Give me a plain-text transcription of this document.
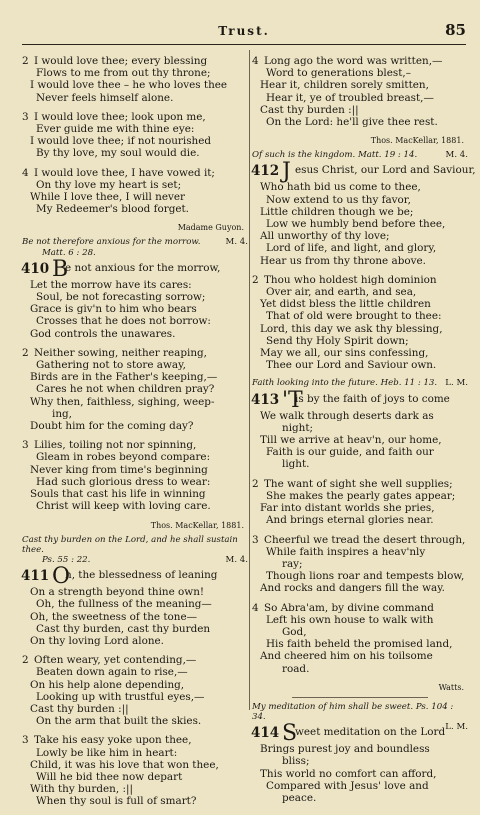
Trust.	85
2 I would love thee; every blessing
Flows to me from out thy throne;
I would love thee – he who loves thee
Never feels himself alone.
3 I would love thee; look upon me,
Ever guide me with thine eye:
I would love thee; if not nourished
By thy love, my soul would die.
4 I would love thee, I have vowed it;
On thy love my heart is set;
While I love thee, I will never
My Redeemer's blood forget.
Madame Guyon.
M. 4.
Be not therefore anxious for the morrow.
Matt. 6 : 28.
410 Be not anxious for the morrow,
Let the morrow have its cares:
Soul, be not forecasting sorrow;
Grace is giv'n to him who bears
Crosses that he does not borrow:
God controls the unawares.
2 Neither sowing, neither reaping,
Gathering not to store away,
Birds are in the Father's keeping,—
Cares he not when children pray?
Why then, faithless, sighing, weep-
ing,
Doubt him for the coming day?
3 Lilies, toiling not nor spinning,
Gleam in robes beyond compare:
Never king from time's beginning
Had such glorious dress to wear:
Souls that cast his life in winning
Christ will keep with loving care.
Thos. MacKellar, 1881.
Cast thy burden on the Lord, and he shall sustain thee.

M. 4.
Ps. 55 : 22.
411 Oh, the blessedness of leaning
On a strength beyond thine own!
Oh, the fullness of the meaning—
Oh, the sweetness of the tone—
Cast thy burden, cast thy burden
On thy loving Lord alone.
2 Often weary, yet contending,—
Beaten down again to rise,—
On his help alone depending,
Looking up with trustful eyes,—
Cast thy burden :||
On the arm that built the skies.
3 Take his easy yoke upon thee,
Lowly be like him in heart:
Child, it was his love that won thee,
Will he bid thee now depart
With thy burden, :||
When thy soul is full of smart?
4 Long ago the word was written,—
Word to generations blest,–
Hear it, children sorely smitten,
Hear it, ye of troubled breast,—
Cast thy burden :||
On the Lord: he'll give thee rest.
Thos. MacKellar, 1881.
M. 4.
Of such is the kingdom. Matt. 19 : 14.
412 Jesus Christ, our Lord and Saviour,
Who hath bid us come to thee,
Now extend to us thy favor,
Little children though we be;
Low we humbly bend before thee,
All unworthy of thy love;
Lord of life, and light, and glory,
Hear us from thy throne above.
2 Thou who holdest high dominion
Over air, and earth, and sea,
Yet didst bless the little children
That of old were brought to thee:
Lord, this day we ask thy blessing,
Send thy Holy Spirit down;
May we all, our sins confessing,
Thee our Lord and Saviour own.
L. M.
Faith looking into the future. Heb. 11 : 13.
413 'Tis by the faith of joys to come
We walk through deserts dark as
night;
Till we arrive at heav'n, our home,
Faith is our guide, and faith our
light.
2 The want of sight she well supplies;
She makes the pearly gates appear;
Far into distant worlds she pries,
And brings eternal glories near.
3 Cheerful we tread the desert through,
While faith inspires a heav'nly
ray;
Though lions roar and tempests blow,
And rocks and dangers fill the way.
4 So Abra'am, by divine command
Left his own house to walk with
God,
His faith beheld the promised land,
And cheered him on his toilsome
road.
Watts.
My meditation of him shall be sweet. Ps. 104 : 34.

L. M.
414 Sweet meditation on the Lord
Brings purest joy and boundless
bliss;
This world no comfort can afford,
Compared with Jesus' love and
peace.
